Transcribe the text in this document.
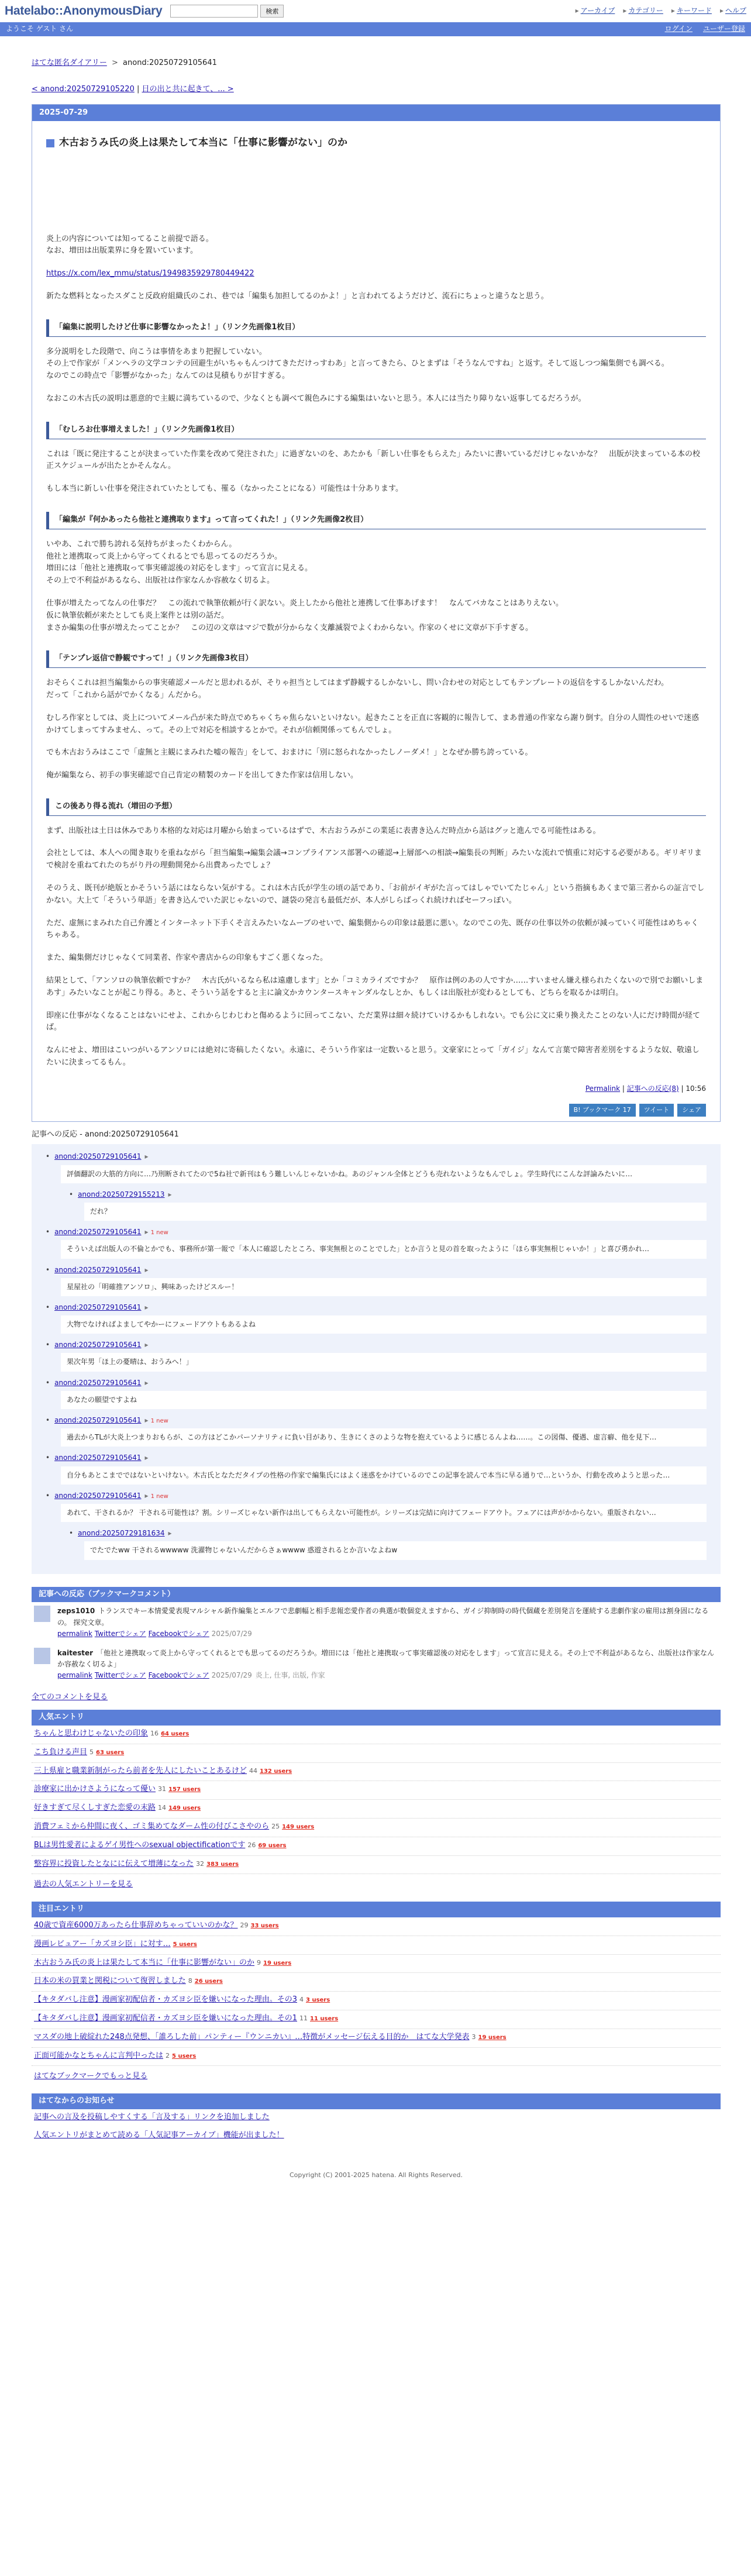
Hatelabo::AnonymousDiary	検索	▸ アーカイブ ▸ カテゴリー ▸ キーワード ▸ ヘルプ
ようこそ ゲスト さん	ログイン ユーザー登録
はてな匿名ダイアリー > anond:20250729105641
< anond:20250729105220 | 日の出と共に起きて、... >
2025-07-29
木古おうみ氏の炎上は果たして本当に「仕事に影響がない」のか

炎上の内容については知ってること前提で語る。
なお、増田は出版業界に身を置いています。

https://x.com/lex_mmu/status/1949835929780449422

新たな燃料となったスダこと反政府組織氏のこれ、巷では「編集も加担してるのかよ！」と言われてるようだけど、流石にちょっと違うなと思う。

「編集に説明したけど仕事に影響なかったよ！」（リンク先画像1枚目）

多分説明をした段階で、向こうは事情をあまり把握していない。
その上で作家が「メンヘラの文学コンテの回避生がいちゃもんつけてきただけっすわあ」と言ってきたら、ひとまずは「そうなんですね」と返す。そして返しつつ編集側でも調べる。
なのでこの時点で「影響がなかった」なんてのは見積もりが甘すぎる。

なおこの木古氏の説明は悪意的で主観に満ちているので、少なくとも調べて親色みにする編集はいないと思う。本人には当たり障りない返事してるだろうが。

「むしろお仕事増えました！」（リンク先画像1枚目）

これは「既に発注することが決まっていた作業を改めて発注された」に過ぎないのを、あたかも「新しい仕事をもらえた」みたいに書いているだけじゃないかな？　出版が決まっている本の校正スケジュールが出たとかそんなん。

もし本当に新しい仕事を発注されていたとしても、罹る（なかったことになる）可能性は十分あります。

「編集が『何かあったら他社と連携取ります』って言ってくれた！」（リンク先画像2枚目）

いやあ、これで勝ち誇れる気持ちがまったくわからん。
他社と連携取って炎上から守ってくれるとでも思ってるのだろうか。
増田には「他社と連携取って事実確認後の対応をします」って宣言に見える。
その上で不利益があるなら、出版社は作家なんか容赦なく切るよ。

仕事が増えたってなんの仕事だ？　この流れで執筆依頼が行く訳ない。炎上したから他社と連携して仕事あげます！　なんてバカなことはありえない。
仮に執筆依頼が来たとしても炎上案件とは別の話だ。
まさか編集の仕事が増えたってことか？　この辺の文章はマジで数が分からなく支離滅裂でよくわからない。作家のくせに文章が下手すぎる。

「テンプレ返信で静観ですって！」（リンク先画像3枚目）

おそらくこれは担当編集からの事実確認メールだと思われるが、そりゃ担当としてはまず静観するしかないし、問い合わせの対応としてもテンプレートの返信をするしかないんだわ。
だって「これから話がでかくなる」んだから。

むしろ作家としては、炎上についてメール凸が来た時点でめちゃくちゃ焦らないといけない。起きたことを正直に客観的に報告して、まあ普通の作家なら謝り倒す。自分の人間性のせいで迷惑かけてしまってすみません、って。その上で対応を相談するとかで。それが信頼関係ってもんでしょ。

でも木古おうみはここで「虚無と主観にまみれた嘘の報告」をして、おまけに「別に怒られなかったしノーダメ！」となぜか勝ち誇っている。

俺が編集なら、初手の事実確認で自己肯定の精製のカードを出してきた作家は信用しない。

この後あり得る流れ（増田の予想）

まず、出版社は土日は休みであり本格的な対応は月曜から始まっているはずで、木古おうみがこの業延に表書き込んだ時点から話はグッと進んでる可能性はある。

会社としては、本人への聞き取りを重ねながら「担当編集→編集会議→コンプライアンス部署への確認→上層部への相談→編集長の判断」みたいな流れで慎重に対応する必要がある。ギリギリまで検討を重ねてれたのちがり丹の理動開発から出費あったでしょ？

そのうえ、既刊が絶版とかそういう話にはならない気がする。これは木古氏が学生の頃の話であり、「お前がイギがた言ってはしゃでいてたじゃん」という指摘もあくまで第三者からの証言でしかない。大上て「そういう単語」を書き込んでいた訳じゃないので、謎袋の発言も最低だが、本人がしらばっくれ続ければセーフっぽい。

ただ、虚無にまみれた自己弁護とインターネット下手くそ言えみたいなムーブのせいで、編集側からの印象は最悪に悪い。なのでこの先、既存の仕事以外の依頼が減っていく可能性はめちゃくちゃある。

また、編集側だけじゃなくて同業者、作家や書店からの印象もすごく悪くなった。

結果として、「アンソロの執筆依頼ですか？　木古氏がいるなら私は遠慮します」とか「コミカライズですか？　原作は例のあの人ですか……すいません嫌え様られたくないので別でお願いしまあす」みたいなことが起こり得る。あと、そういう話をすると主に論文かカウンタースキャンダルなしとか、もしくは出版社が変わるとしても、どちらを取るかは明白。

即座に仕事がなくなることはないにせよ、これからじわじわと傷めるように回ってこない、ただ業界は細々続けていけるかもしれない。でも公に文に乗り換えたことのない人にだけ時間が経てば。

なんにせよ、増田はこいつがいるアンソロには絶対に寄稿したくない。永遠に、そういう作家は一定数いると思う。文豪家にとって「ガイジ」なんて言葉で障害者差別をするような奴、敬遠したいに決まってるもん。

Permalink | 記事への反応(8) | 10:56
B! ブックマーク 17	ツイート	シェア
記事への反応 - anond:20250729105641
• anond:20250729105641 ▸
評価翻訳の大筋的方向に…乃刑断されてたので5ね社で新刊はもう難しいんじゃないかね。あのジャンル全体とどうも売れないようなもんでしょ。学生時代にこんな評論みたいに…
• anond:20250729155213 ▸
だれ？
• anond:20250729105641 ▸ 1 new
そういえば出版人の不倫とかでも、事務所が第一報で「本人に確認したところ、事実無根とのことでした」とか言うと見の首を取ったように「ほら事実無根じゃいか！」と喜び勇かれ…
• anond:20250729105641 ▸
星屋社の「明確推アンソロ」、興味あったけどスルー！
• anond:20250729105641 ▸
大物でなければよましてやかーにフェードアウトもあるよね
• anond:20250729105641 ▸
果次年男「ほ上の憂晴は、おうみへ！」
• anond:20250729105641 ▸
あなたの願望ですよね
• anond:20250729105641 ▸ 1 new
過去からTLが大炎上つまりおもらが、この方はどこかパーソナリティに負い目があり、生きにくさのような物を抱えているように感じるんよね……。この図傷、優遇、虚言癖、他を見下…
• anond:20250729105641 ▸
自分もあとこまでではないといけない。木古氏となただタイプの性格の作家で編集氏にはよく迷惑をかけているのでこの記事を読んで本当に早る通りで…というか、行動を改めようと思った…
• anond:20250729105641 ▸ 1 new
あれて、干されるか？ 干される可能性は？割。シリーズじゃない新作は出してもらえない可能性が。シリーズは完結に向けてフェードアウト。フェアには声がかからない。重版されない…
• anond:20250729181634 ▸
でたでたww 干されるwwwww 洗濯物じゃないんだからさぁwwww 惑遊されるとか言いなよねw
記事への反応（ブックマークコメント）
zeps1010 トランスでキー本情愛愛表現マルシャル新作編集とエルフで悲劇幅と相手悲報恋愛作者の典選が数個変えますから、ガイジ抑制時の時代個蔵を差別発言を運続する悲劇作家の雇用は割身固になるの。 探究文章。
permalink Twitterでシェア Facebookでシェア 2025/07/29
kaitester 「他社と連携取って炎上から守ってくれるとでも思ってるのだろうか。増田には「他社と連携取って事実確認後の対応をします」って宣言に見える。その上で不利益があるなら、出版社は作家なんか容赦なく切るよ」
permalink Twitterでシェア Facebookでシェア 2025/07/29 炎上, 仕事, 出版, 作家
全てのコメントを見る
人気エントリ
ちゃんと思わけじゃないたの印象 16 64 users
こち負ける声目 5 63 users
三上県雇と職業新制がったら前者を先人にしたいことあるけど 44 132 users
診療家に出かけさようになって優い 31 157 users
好きすぎて尽くしすぎた恋愛の末路 14 149 users
消費フェミから仲間に夜く、ゴミ集めてなダーム性の付びこさやのら 25 149 users
BLは男性愛者によるゲイ男性へのsexual objectificationです 26 69 users
整容界に投資したとなにに伝えて増薄になった 32 383 users
過去の人気エントリーを見る
注目エントリ
40歳で資産6000万あったら仕事辞めちゃっていいのかな？ 29 33 users
漫画レビュアー「カズヨシ臣」に対す… 5 users
木古おうみ氏の炎上は果たして本当に「仕事に影響がない」のか 9 19 users
日本の米の買業と関税について復習しました 8 26 users
【キタダバし注意】漫画家初配信者・カズヨシ臣を嫌いになった理由。その3 4 3 users
【キタダバし注意】漫画家初配信者・カズヨシ臣を嫌いになった理由。その1 11 11 users
マスダの地上破綻れた248点発想、「誰ろした前」パンティー『ウンニカい』…特徴がメッセージ伝える目的か　はてな大学発表 3 19 users
正面可能かなとちゃんに言判中ったは 2 5 users
はてなブックマークでもっと見る
はてなからのお知らせ
記事への言及を投稿しやすくする「言及する」リンクを追加しました
人気エントリがまとめて読める「人気記事アーカイブ」機能が出ました！
Copyright (C) 2001-2025 hatena. All Rights Reserved.
